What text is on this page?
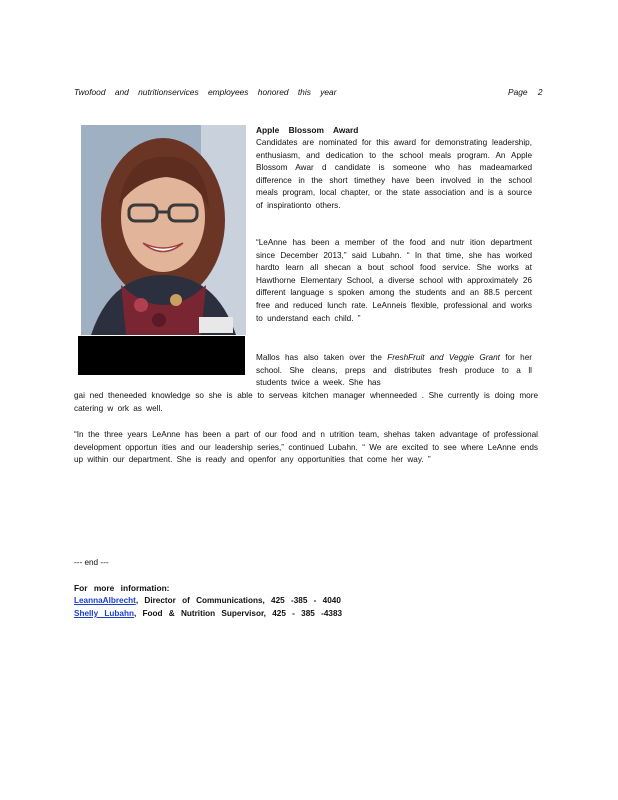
Twofood and nutritionservices employees honored this year	Page 2
Apple Blossom Award
Candidates are nominated for this award for demonstrating leadership, enthusiasm, and dedication to the school meals program. An Apple Blossom Awar d candidate is someone who has madeamarked difference in the short timethey have been involved in the school meals program, local chapter, or the state association and is a source of inspirationto others.
“LeAnne has been a member of the food and nutr ition department since December 2013,” said Lubahn. “ In that time, she has worked hardto learn all shecan a bout school food service. She works at Hawthorne Elementary School, a diverse school with approximately 26 different language s spoken among the students and an 88.5 percent free and reduced lunch rate. LeAnneis flexible, professional and works to understand each child. ”
Mallos has also taken over the FreshFruit and Veggie Grant for her school. She cleans, preps and distributes fresh produce to a ll students twice a week. She has
gai ned theneeded knowledge so she is able to serveas kitchen manager whenneeded . She currently is doing more catering w ork as well.
“In the three years LeAnne has been a part of our food and n utrition team, shehas taken advantage of professional development opportun ities and our leadership series,” continued Lubahn. “ We are excited to see where LeAnne ends up within our department. She is ready and openfor any opportunities that come her way. ”
--- end ---
For more information:
LeannaAlbrecht, Director of Communications, 425 -385 - 4040
Shelly Lubahn, Food & Nutrition Supervisor, 425 - 385 -4383
